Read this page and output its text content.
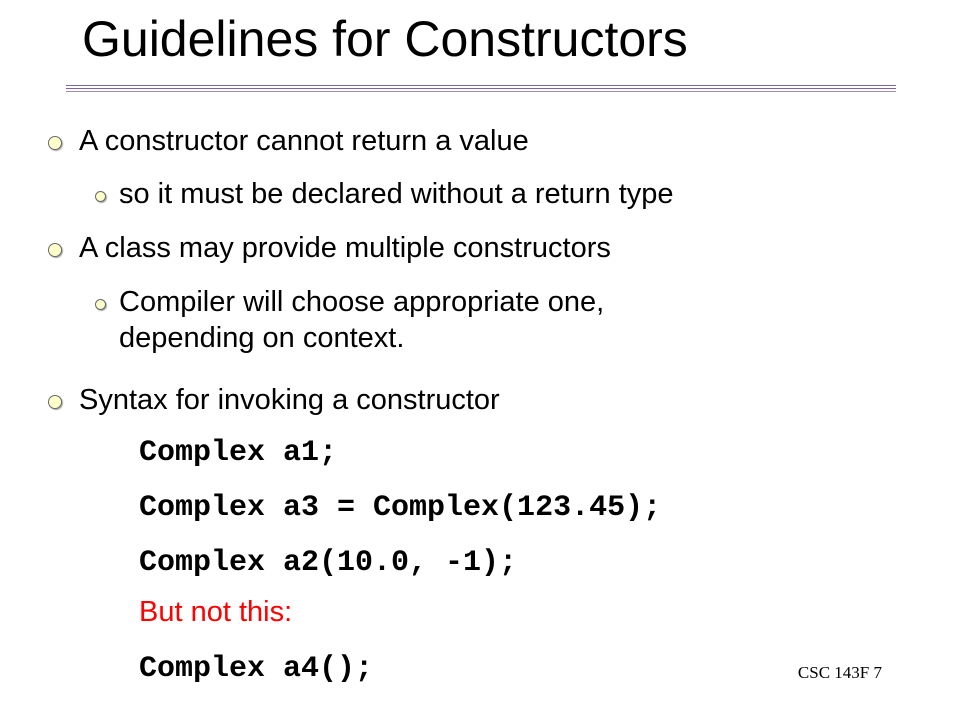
Guidelines for Constructors
A constructor cannot return a value
so it must be declared without a return type
A class may provide multiple constructors
Compiler will choose appropriate one,
depending on context.
Syntax for invoking a constructor
Complex a1;
Complex a3 = Complex(123.45);
Complex a2(10.0, -1);
But not this:
Complex a4();	CSC 143F 7
